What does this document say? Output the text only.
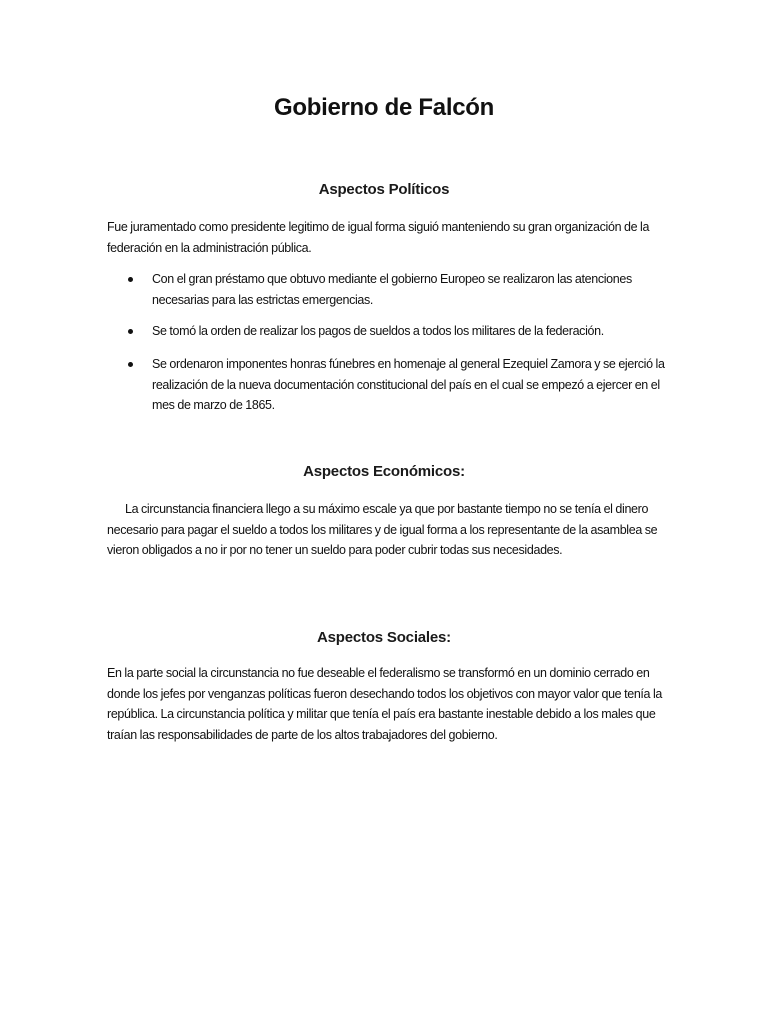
Gobierno de Falcón
Aspectos Políticos

Fue juramentado como presidente legitimo de igual forma siguió manteniendo su gran organización de la federación en la administración pública.

Con el gran préstamo que obtuvo mediante el gobierno Europeo se realizaron las atenciones necesarias para las estrictas emergencias.
Se tomó la orden de realizar los pagos de sueldos a todos los militares de la federación.
Se ordenaron imponentes honras fúnebres en homenaje al general Ezequiel Zamora y se ejerció la realización de la nueva documentación constitucional del país en el cual se empezó a ejercer en el mes de marzo de 1865.
Aspectos Económicos:

La circunstancia financiera llego a su máximo escale ya que por bastante tiempo no se tenía el dinero necesario para pagar el sueldo a todos los militares y de igual forma a los representante de la asamblea se vieron obligados a no ir por no tener un sueldo para poder cubrir todas sus necesidades.

Aspectos Sociales:

En la parte social la circunstancia no fue deseable el federalismo se transformó en un dominio cerrado en donde los jefes por venganzas políticas fueron desechando todos los objetivos con mayor valor que tenía la república. La circunstancia política y militar que tenía el país era bastante inestable debido a los males que traían las responsabilidades de parte de los altos trabajadores del gobierno.
